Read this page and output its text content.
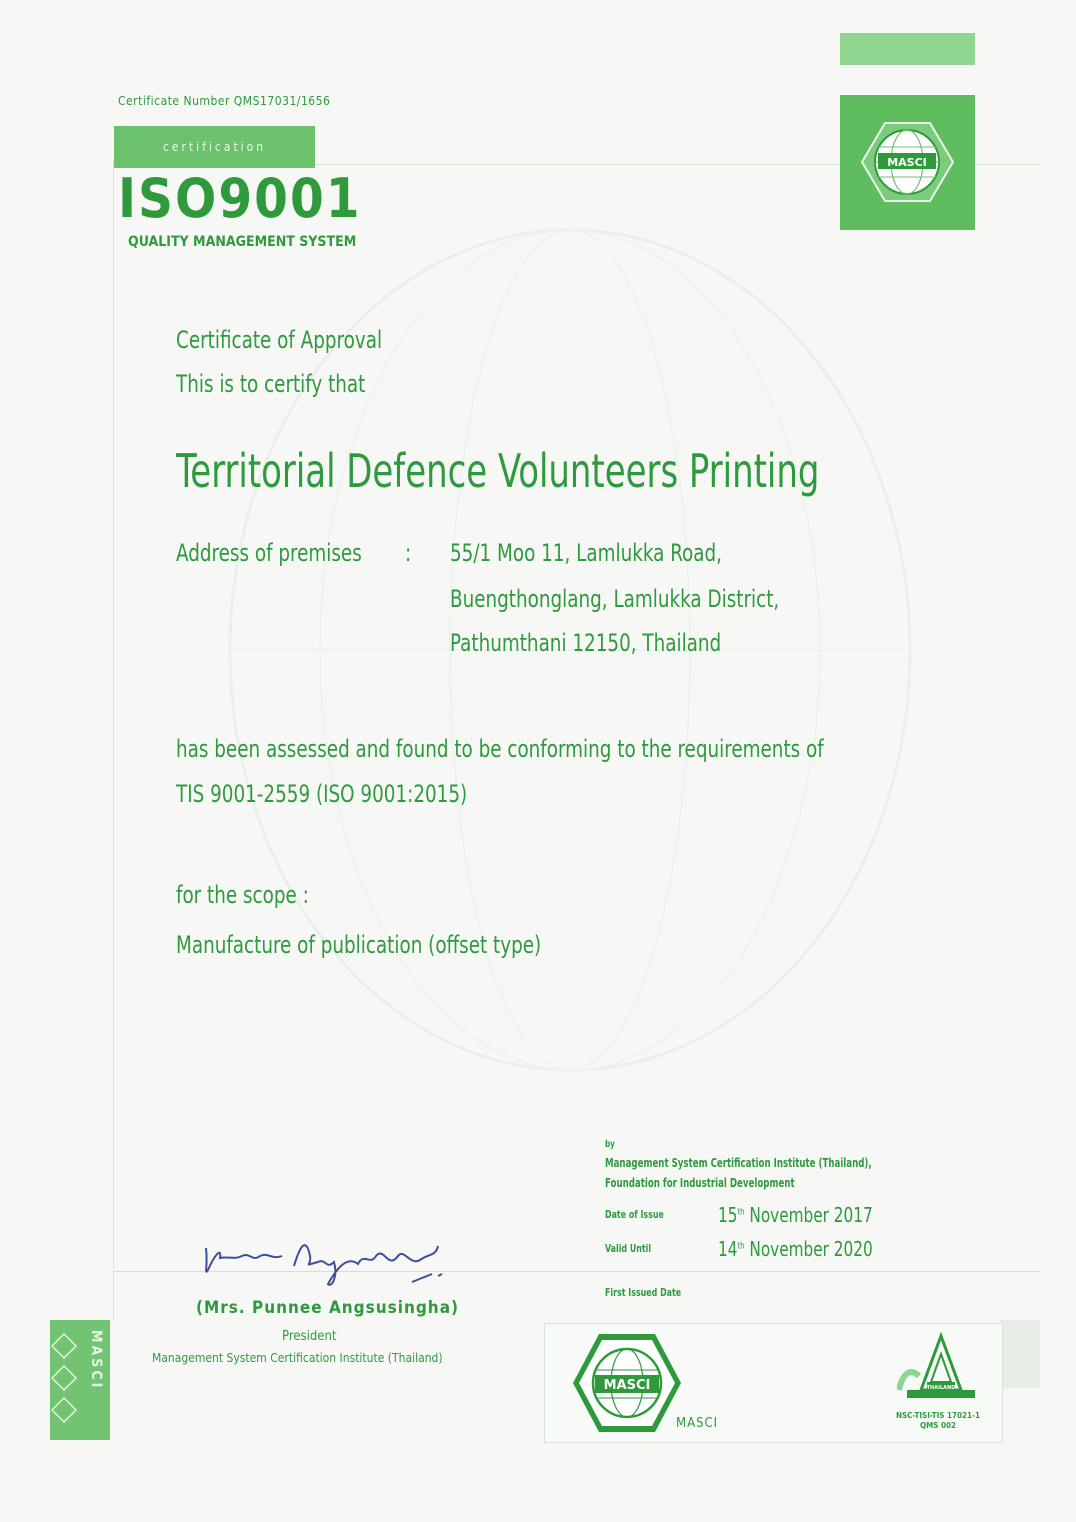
Certificate Number QMS17031/1656
certification
ISO9001
QUALITY MANAGEMENT SYSTEM
MASCI
Certificate of Approval
This is to certify that
Territorial Defence Volunteers Printing
Address of premises : 55/1 Moo 11, Lamlukka Road,
Buengthonglang, Lamlukka District,
Pathumthani 12150, Thailand
has been assessed and found to be conforming to the requirements of
TIS 9001-2559 (ISO 9001:2015)
for the scope :
Manufacture of publication (offset type)
by
Management System Certification Institute (Thailand),
Foundation for Industrial Development
Date of Issue	15th November 2017
Valid Until	14th November 2020
First Issued Date
(Mrs. Punnee Angsusingha)
President
Management System Certification Institute (Thailand)
MASCI	THAILAND
MASCI
NSC-TISI-TIS 17021-1
QMS 002
MASCI
